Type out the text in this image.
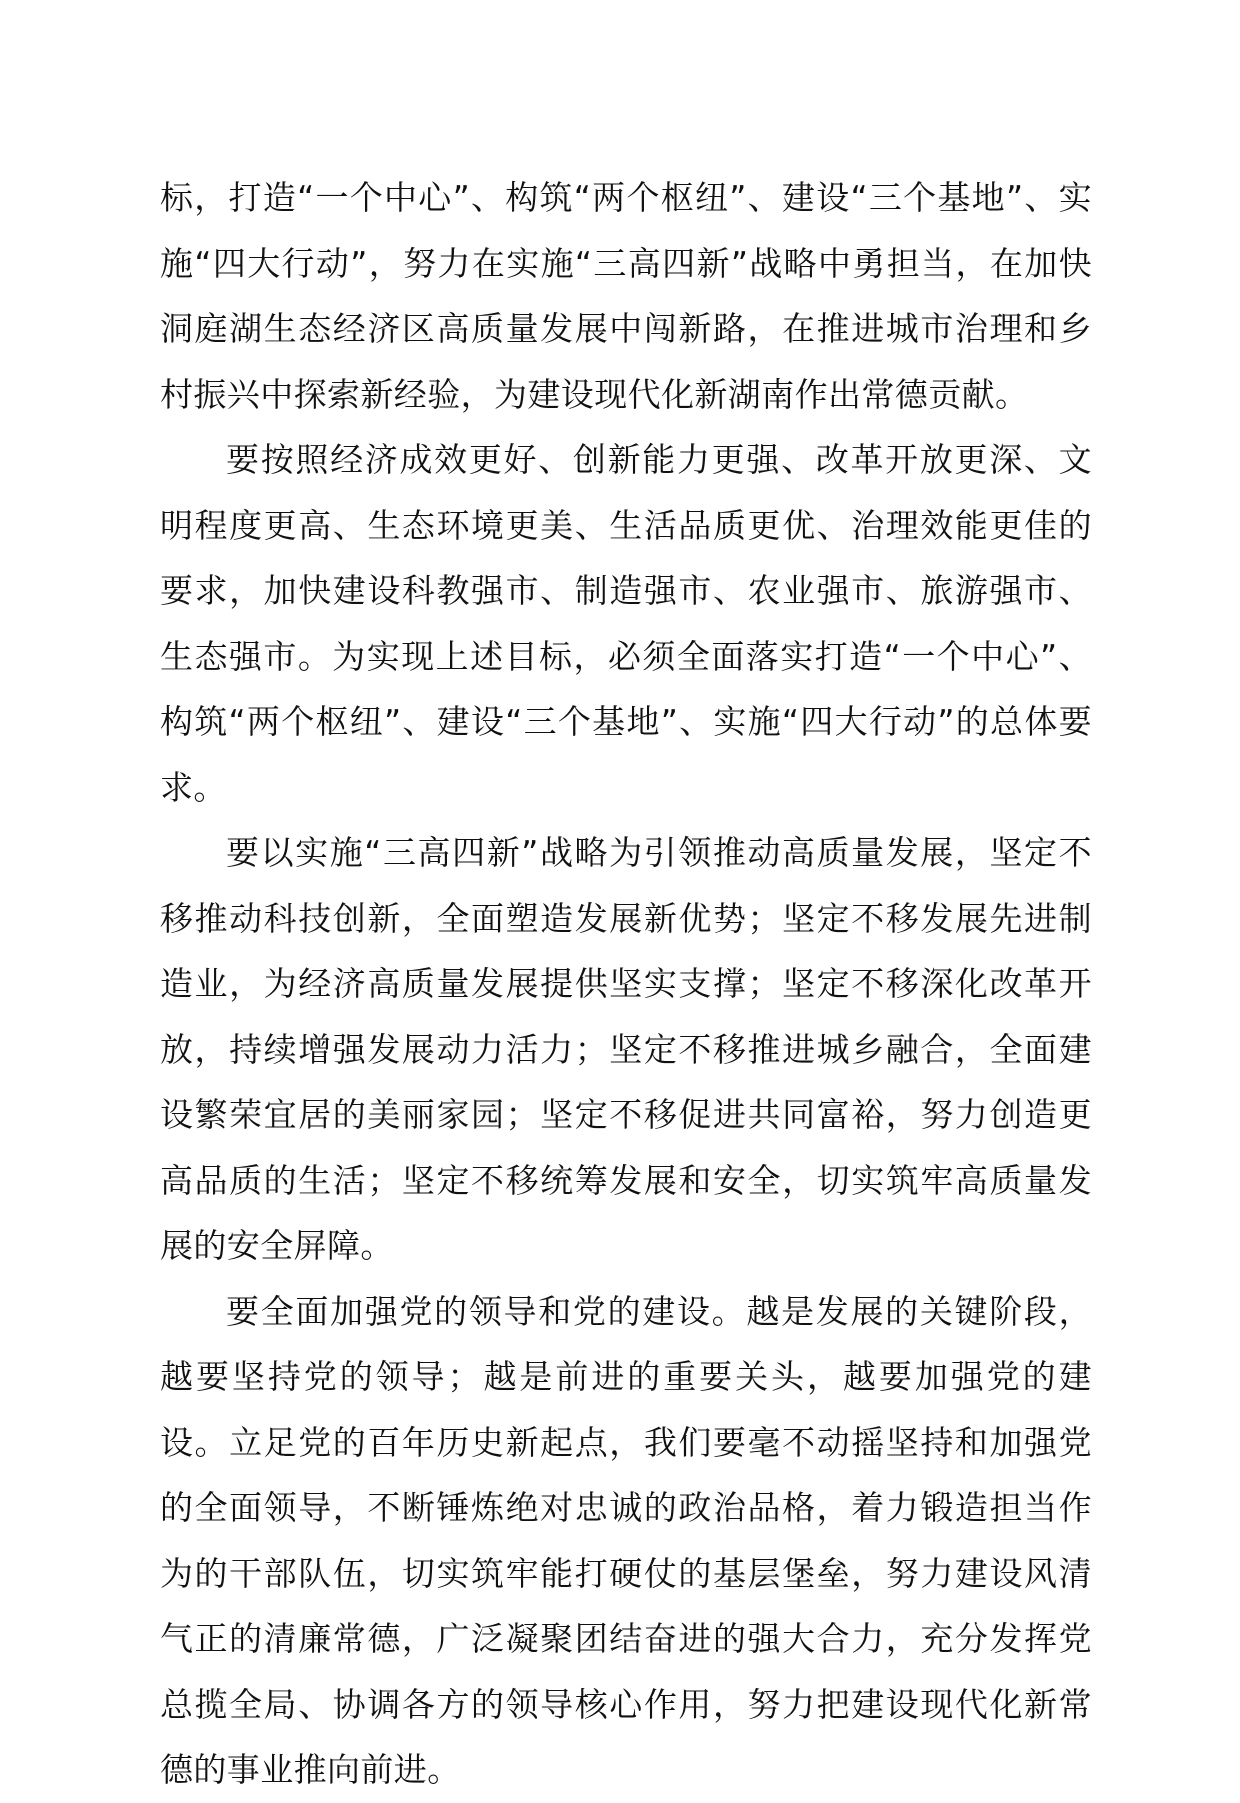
标，打造“一个中心”、构筑“两个枢纽”、建设“三个基地”、实施“四大行动”，努力在实施“三高四新”战略中勇担当，在加快洞庭湖生态经济区高质量发展中闯新路，在推进城市治理和乡村振兴中探索新经验，为建设现代化新湖南作出常德贡献。

要按照经济成效更好、创新能力更强、改革开放更深、文明程度更高、生态环境更美、生活品质更优、治理效能更佳的要求，加快建设科教强市、制造强市、农业强市、旅游强市、生态强市。为实现上述目标，必须全面落实打造“一个中心”、构筑“两个枢纽”、建设“三个基地”、实施“四大行动”的总体要求。

要以实施“三高四新”战略为引领推动高质量发展，坚定不移推动科技创新，全面塑造发展新优势；坚定不移发展先进制造业，为经济高质量发展提供坚实支撑；坚定不移深化改革开放，持续增强发展动力活力；坚定不移推进城乡融合，全面建设繁荣宜居的美丽家园；坚定不移促进共同富裕，努力创造更高品质的生活；坚定不移统筹发展和安全，切实筑牢高质量发展的安全屏障。

要全面加强党的领导和党的建设。越是发展的关键阶段，越要坚持党的领导；越是前进的重要关头，越要加强党的建设。立足党的百年历史新起点，我们要毫不动摇坚持和加强党的全面领导，不断锤炼绝对忠诚的政治品格，着力锻造担当作为的干部队伍，切实筑牢能打硬仗的基层堡垒，努力建设风清气正的清廉常德，广泛凝聚团结奋进的强大合力，充分发挥党总揽全局、协调各方的领导核心作用，努力把建设现代化新常德的事业推向前进。
